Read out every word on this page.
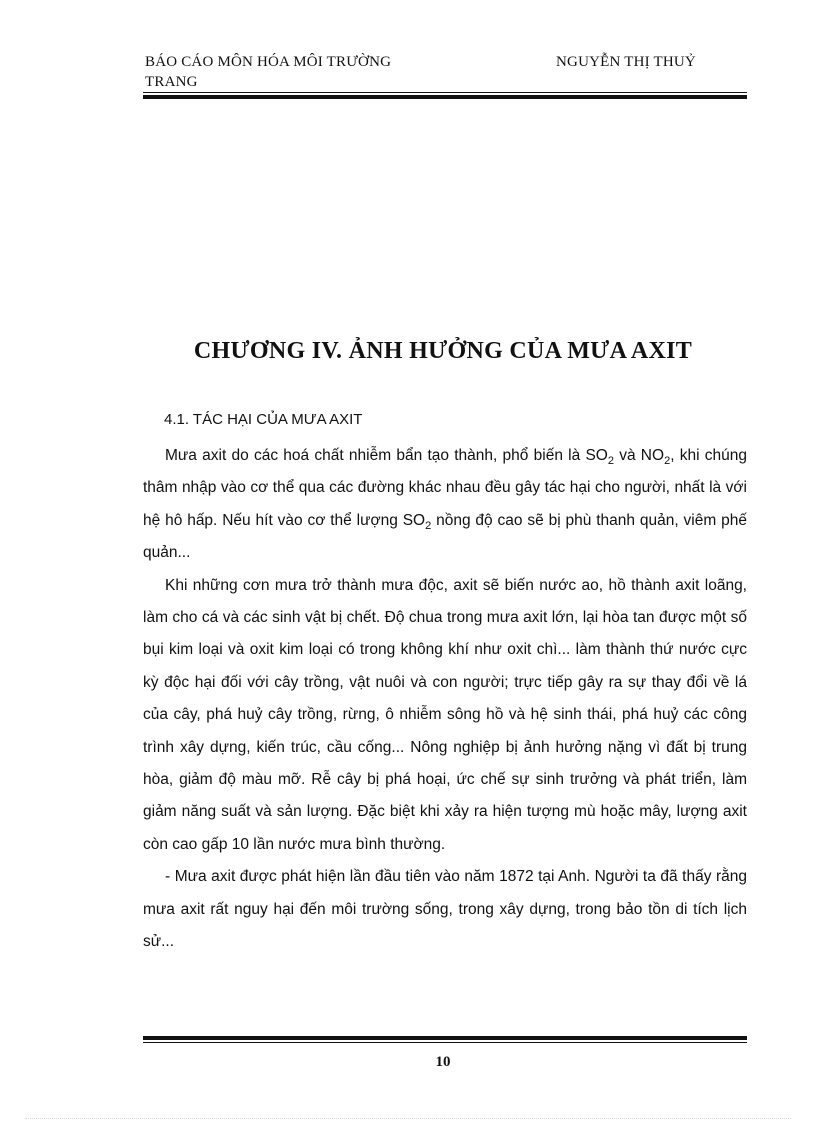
BÁO CÁO MÔN HÓA MÔI TRƯỜNG
TRANG
NGUYỄN THỊ THUỶ
CHƯƠNG IV. ẢNH HƯỞNG CỦA MƯA AXIT
4.1. TÁC HẠI CỦA MƯA AXIT

Mưa axit do các hoá chất nhiễm bẩn tạo thành, phổ biến là $SO_2$ và $NO_2$, khi chúng thâm nhập vào cơ thể qua các đường khác nhau đều gây tác hại cho người, nhất là với hệ hô hấp. Nếu hít vào cơ thể lượng $SO_2$ nồng độ cao sẽ bị phù thanh quản, viêm phế quản...

Khi những cơn mưa trở thành mưa độc, axit sẽ biến nước ao, hồ thành axit loãng, làm cho cá và các sinh vật bị chết. Độ chua trong mưa axit lớn, lại hòa tan được một số bụi kim loại và oxit kim loại có trong không khí như oxit chì... làm thành thứ nước cực kỳ độc hại đối với cây trồng, vật nuôi và con người; trực tiếp gây ra sự thay đổi về lá của cây, phá huỷ cây trồng, rừng, ô nhiễm sông hồ và hệ sinh thái, phá huỷ các công trình xây dựng, kiến trúc, cầu cống... Nông nghiệp bị ảnh hưởng nặng vì đất bị trung hòa, giảm độ màu mỡ. Rễ cây bị phá hoại, ức chế sự sinh trưởng và phát triển, làm giảm năng suất và sản lượng. Đặc biệt khi xảy ra hiện tượng mù hoặc mây, lượng axit còn cao gấp 10 lần nước mưa bình thường.

- Mưa axit được phát hiện lần đầu tiên vào năm 1872 tại Anh. Người ta đã thấy rằng mưa axit rất nguy hại đến môi trường sống, trong xây dựng, trong bảo tồn di tích lịch sử...

10
